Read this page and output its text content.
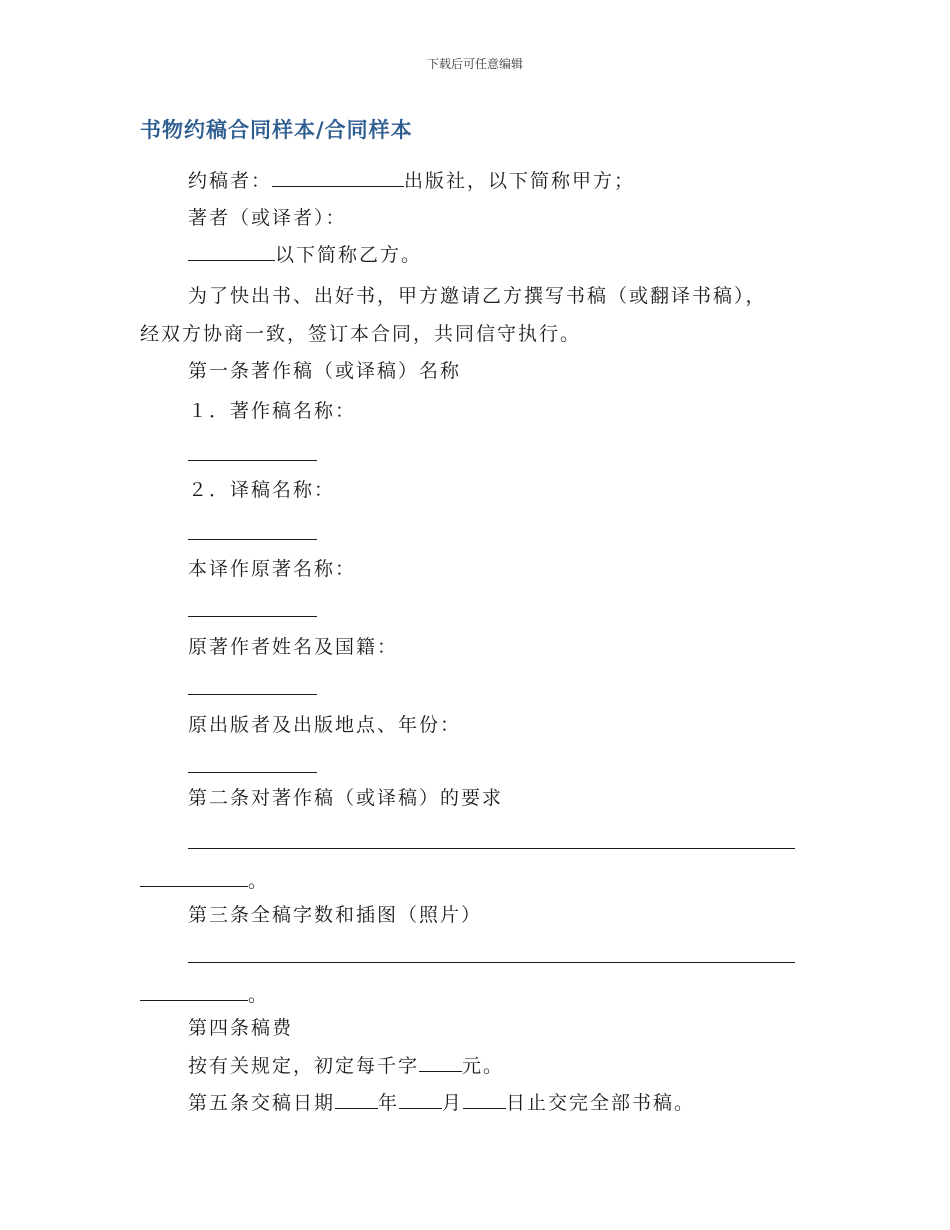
下载后可任意编辑
书物约稿合同样本/合同样本
约稿者：	出版社，以下简称甲方；
著者（或译者）：
以下简称乙方。
为了快出书、出好书，甲方邀请乙方撰写书稿（或翻译书稿），
经双方协商一致，签订本合同，共同信守执行。
第一条著作稿（或译稿）名称
１．著作稿名称：
２．译稿名称：
本译作原著名称：
原著作者姓名及国籍：
原出版者及出版地点、年份：
第二条对著作稿（或译稿）的要求
。
第三条全稿字数和插图（照片）
。
第四条稿费
按有关规定，初定每千字 元。
第五条交稿日期 年 月 日止交完全部书稿。
